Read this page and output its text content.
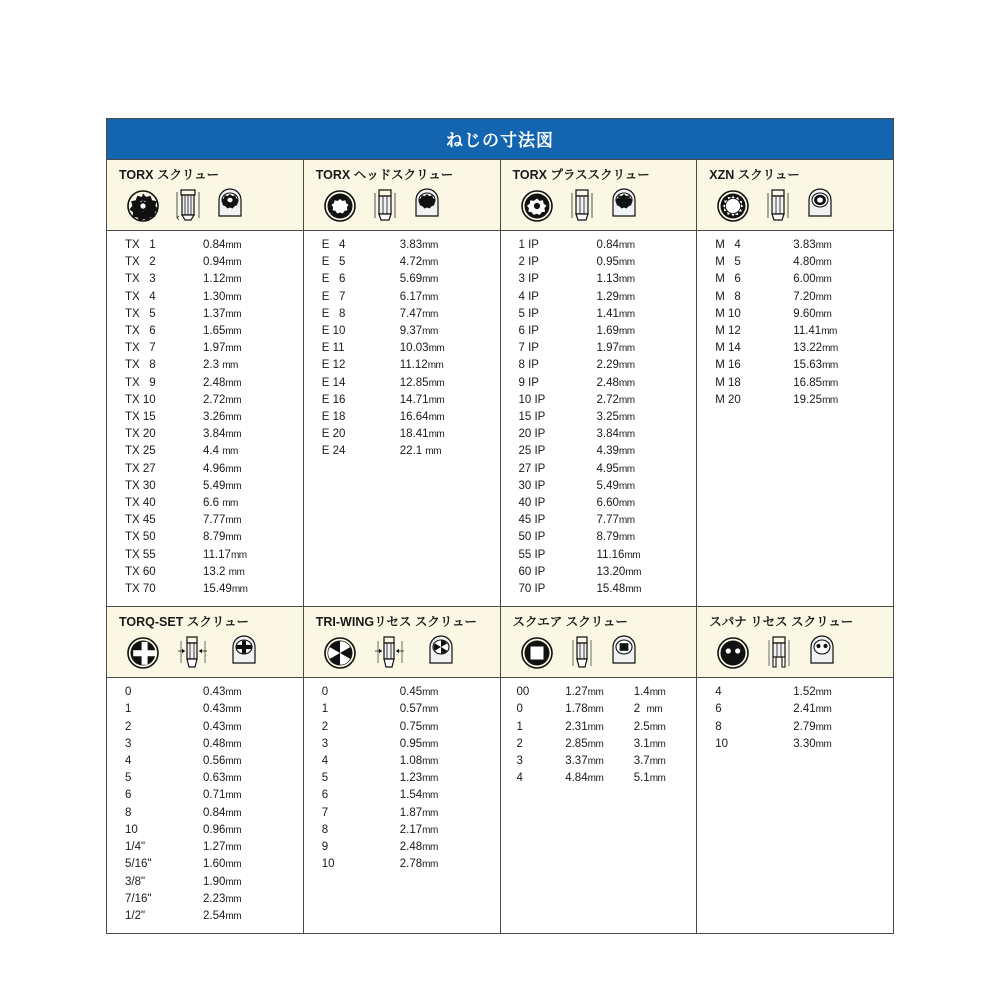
ねじの寸法図
TORX スクリュー
TX   1	0.84mm
TX   2	0.94mm
TX   3	1.12mm
TX   4	1.30mm
TX   5	1.37mm
TX   6	1.65mm
TX   7	1.97mm
TX   8	2.3 mm
TX   9	2.48mm
TX 10	2.72mm
TX 15	3.26mm
TX 20	3.84mm
TX 25	4.4 mm
TX 27	4.96mm
TX 30	5.49mm
TX 40	6.6 mm
TX 45	7.77mm
TX 50	8.79mm
TX 55	11.17mm
TX 60	13.2 mm
TX 70	15.49mm
TORX ヘッドスクリュー
E   4	3.83mm
E   5	4.72mm
E   6	5.69mm
E   7	6.17mm
E   8	7.47mm
E 10	9.37mm
E 11	10.03mm
E 12	11.12mm
E 14	12.85mm
E 16	14.71mm
E 18	16.64mm
E 20	18.41mm
E 24	22.1 mm
TORX プラススクリュー
1 IP	0.84mm
2 IP	0.95mm
3 IP	1.13mm
4 IP	1.29mm
5 IP	1.41mm
6 IP	1.69mm
7 IP	1.97mm
8 IP	2.29mm
9 IP	2.48mm
10 IP	2.72mm
15 IP	3.25mm
20 IP	3.84mm
25 IP	4.39mm
27 IP	4.95mm
30 IP	5.49mm
40 IP	6.60mm
45 IP	7.77mm
50 IP	8.79mm
55 IP	11.16mm
60 IP	13.20mm
70 IP	15.48mm
XZN スクリュー
M   4	3.83mm
M   5	4.80mm
M   6	6.00mm
M   8	7.20mm
M 10	9.60mm
M 12	11.41mm
M 14	13.22mm
M 16	15.63mm
M 18	16.85mm
M 20	19.25mm
TORQ-SET スクリュー
0	0.43mm
1	0.43mm
2	0.43mm
3	0.48mm
4	0.56mm
5	0.63mm
6	0.71mm
8	0.84mm
10	0.96mm
1/4"	1.27mm
5/16"	1.60mm
3/8"	1.90mm
7/16"	2.23mm
1/2"	2.54mm
TRI-WINGリセス スクリュー
0	0.45mm
1	0.57mm
2	0.75mm
3	0.95mm
4	1.08mm
5	1.23mm
6	1.54mm
7	1.87mm
8	2.17mm
9	2.48mm
10	2.78mm
スクエア スクリュー
00	1.27mm	1.4mm
0	1.78mm	2  mm
1	2.31mm	2.5mm
2	2.85mm	3.1mm
3	3.37mm	3.7mm
4	4.84mm	5.1mm
スパナ リセス スクリュー
4	1.52mm
6	2.41mm
8	2.79mm
10	3.30mm
